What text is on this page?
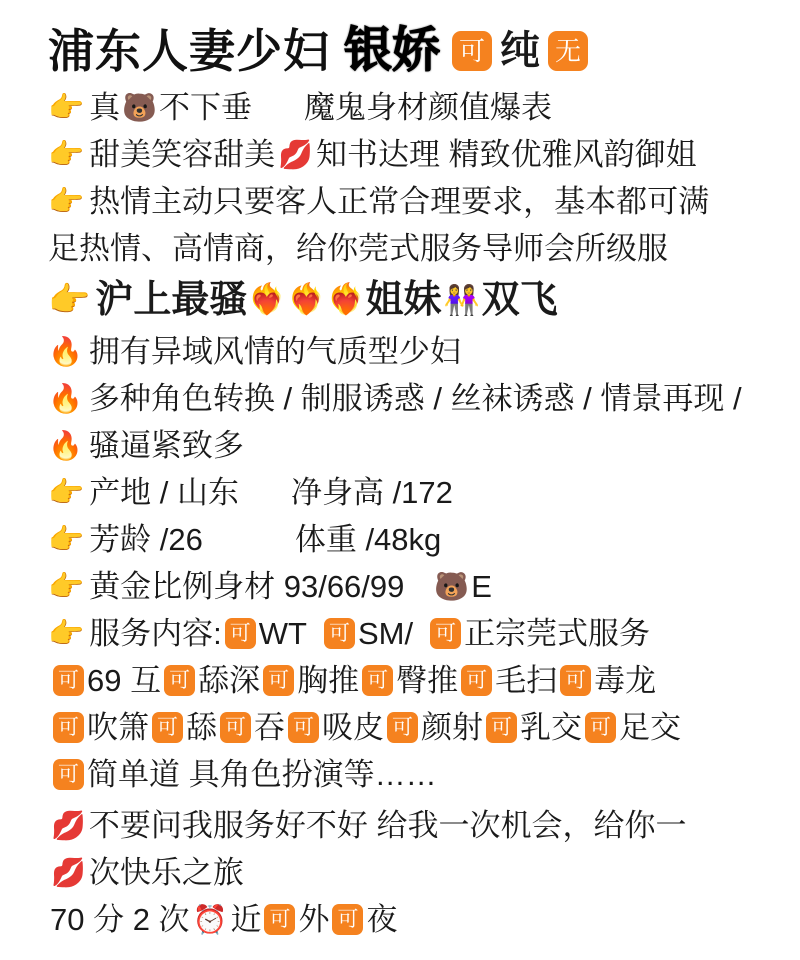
浦东人妻少妇 银娇 可 纯 无
👉 真 🐻 不下垂 魔鬼身材颜值爆表
👉 甜美笑容甜美 💋 知书达理 精致优雅风韵御姐
👉 热情主动只要客人正常合理要求，基本都可满
足热情、高情商，给你莞式服务导师会所级服
👉 沪上最骚 ❤️‍🔥 ❤️‍🔥 ❤️‍🔥 姐妹 👭 双飞
🔥 拥有异域风情的气质型少妇
🔥 多种角色转换 / 制服诱惑 / 丝袜诱惑 / 情景再现 /
🔥 骚逼紧致多
👉 产地 / 山东 净身高 /172
👉 芳龄 /26	体重 /48kg
👉 黄金比例身材 93/66/99 🐻 E
👉 服务内容: 可 WT 可 SM/ 可 正宗莞式服务
可 69 互 可 舔深 可 胸推 可 臀推 可 毛扫 可 毒龙
可 吹箫 可 舔 可 吞 可 吸皮 可 颜射 可 乳交 可 足交
可 简单道 具角色扮演等……
💋 不要问我服务好不好 给我一次机会，给你一
💋 次快乐之旅
70 分 2 次 ⏰ 近 可 外 可 夜
